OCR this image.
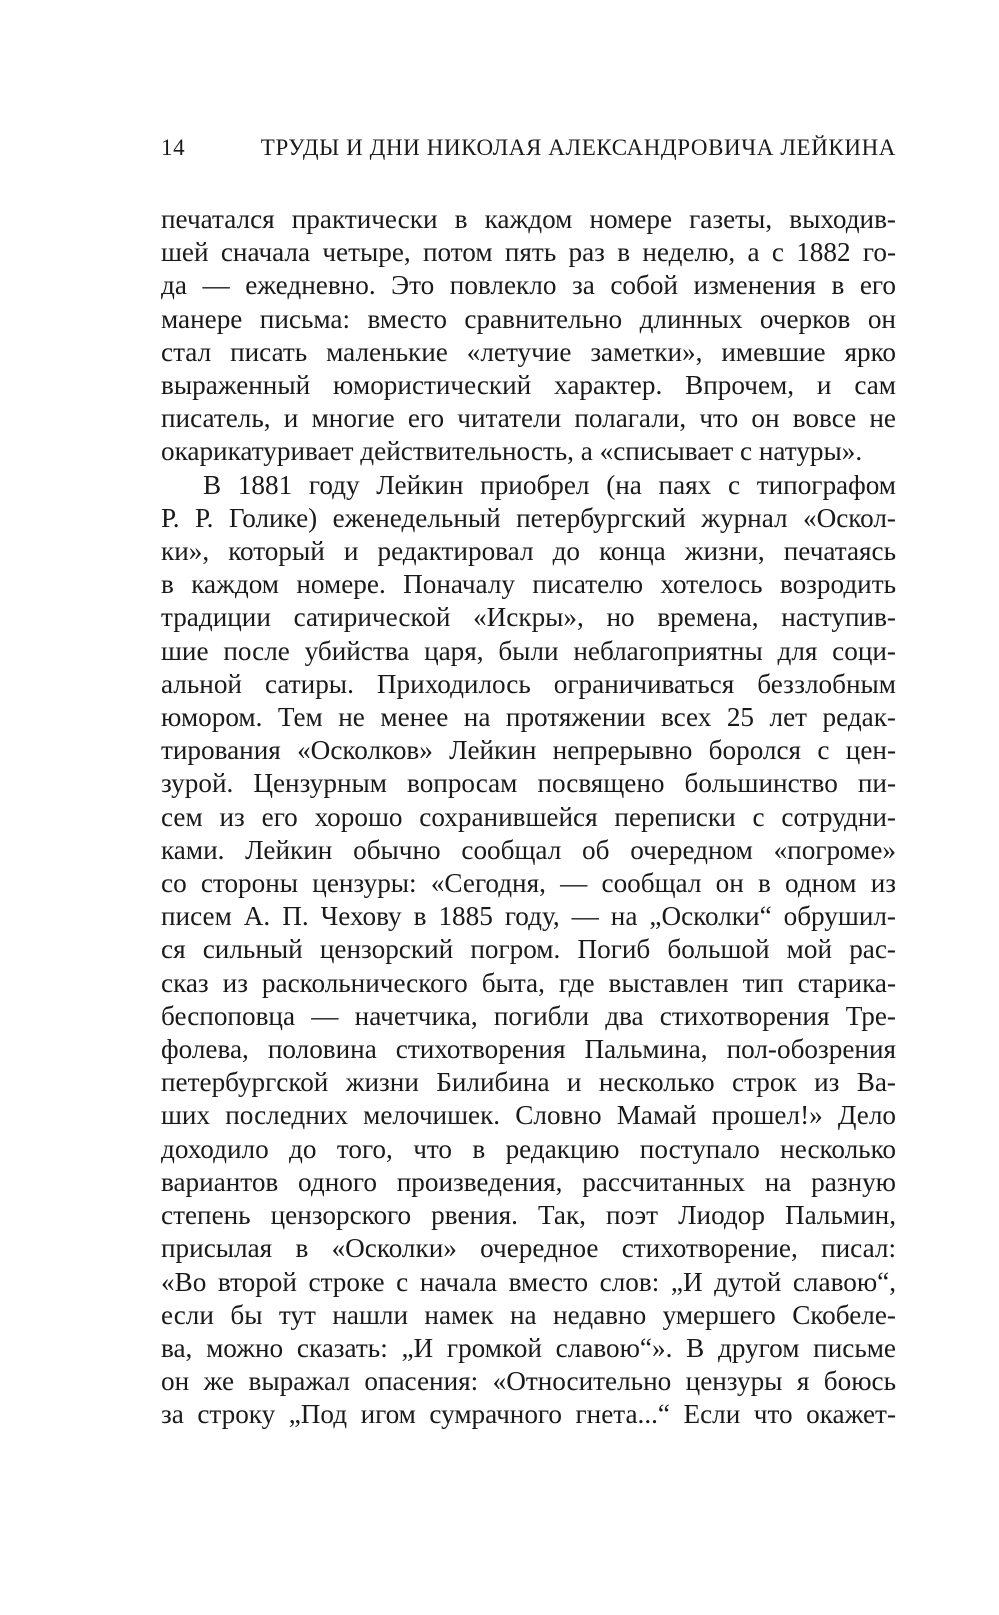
14	ТРУДЫ И ДНИ НИКОЛАЯ АЛЕКСАНДРОВИЧА ЛЕЙКИНА
печатался практически в каждом номере газеты, выходив-
шей сначала четыре, потом пять раз в неделю, а с 1882 го-
да — ежедневно. Это повлекло за собой изменения в его
манере письма: вместо сравнительно длинных очерков он
стал писать маленькие «летучие заметки», имевшие ярко
выраженный юмористический характер. Впрочем, и сам
писатель, и многие его читатели полагали, что он вовсе не
окарикатуривает действительность, а «списывает с натуры».
В 1881 году Лейкин приобрел (на паях с типографом
Р. Р. Голике) еженедельный петербургский журнал «Оскол-
ки», который и редактировал до конца жизни, печатаясь
в каждом номере. Поначалу писателю хотелось возродить
традиции сатирической «Искры», но времена, наступив-
шие после убийства царя, были неблагоприятны для соци-
альной сатиры. Приходилось ограничиваться беззлобным
юмором. Тем не менее на протяжении всех 25 лет редак-
тирования «Осколков» Лейкин непрерывно боролся с цен-
зурой. Цензурным вопросам посвящено большинство пи-
сем из его хорошо сохранившейся переписки с сотрудни-
ками. Лейкин обычно сообщал об очередном «погроме»
со стороны цензуры: «Сегодня, — сообщал он в одном из
писем А. П. Чехову в 1885 году, — на „Осколки“ обрушил-
ся сильный цензорский погром. Погиб большой мой рас-
сказ из раскольнического быта, где выставлен тип старика-
беспоповца — начетчика, погибли два стихотворения Тре-
фолева, половина стихотворения Пальмина, пол-обозрения
петербургской жизни Билибина и несколько строк из Ва-
ших последних мелочишек. Словно Мамай прошел!» Дело
доходило до того, что в редакцию поступало несколько
вариантов одного произведения, рассчитанных на разную
степень цензорского рвения. Так, поэт Лиодор Пальмин,
присылая в «Осколки» очередное стихотворение, писал:
«Во второй строке с начала вместо слов: „И дутой славою“,
если бы тут нашли намек на недавно умершего Скобеле-
ва, можно сказать: „И громкой славою“». В другом письме
он же выражал опасения: «Относительно цензуры я боюсь
за строку „Под игом сумрачного гнета...“ Если что окажет-
